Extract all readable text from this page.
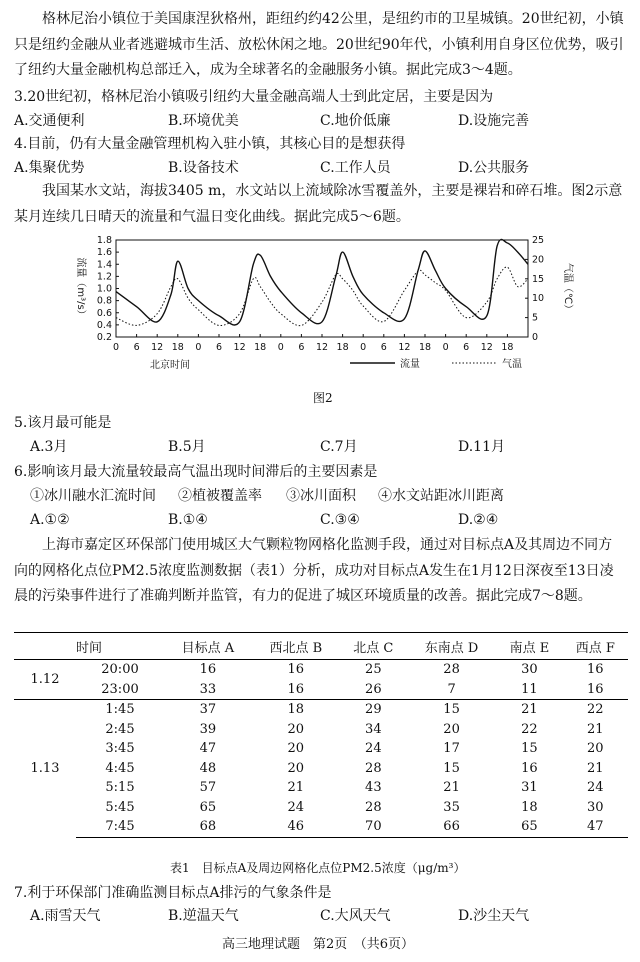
格林尼治小镇位于美国康涅狄格州，距纽约约42公里，是纽约市的卫星城镇。20世纪初，小镇只是纽约金融从业者逃避城市生活、放松休闲之地。20世纪90年代，小镇利用自身区位优势，吸引了纽约大量金融机构总部迁入，成为全球著名的金融服务小镇。据此完成3～4题。
3.20世纪初，格林尼治小镇吸引纽约大量金融高端人士到此定居，主要是因为
A.交通便利	B.环境优美	C.地价低廉	D.设施完善
4.目前，仍有大量金融管理机构入驻小镇，其核心目的是想获得
A.集聚优势	B.设备技术	C.工作人员	D.公共服务
我国某水文站，海拔3405 m，水文站以上流域除冰雪覆盖外，主要是裸岩和碎石堆。图2示意某月连续几日晴天的流量和气温日变化曲线。据此完成5～6题。
0.2
0.4
0.6
0.8
1.0
1.2
1.4
1.6
1.8
0
5
10
15
20
25
0 6 12 18 0 6 12 18 0 6 12 18 0 6 12 18 0 6 12 18
流量（m³/s）	气温（℃）
北京时间	流量	气温
图2
5.该月最可能是
A.3月	B.5月	C.7月	D.11月
6.影响该月最大流量较最高气温出现时间滞后的主要因素是
①冰川融水汇流时间 ②植被覆盖率 ③冰川面积 ④水文站距冰川距离
A.①②	B.①④	C.③④	D.②④
上海市嘉定区环保部门使用城区大气颗粒物网格化监测手段，通过对目标点A及其周边不同方向的网格化点位PM2.5浓度监测数据（表1）分析，成功对目标点A发生在1月12日深夜至13日凌晨的污染事件进行了准确判断并监管，有力的促进了城区环境质量的改善。据此完成7～8题。
时间		目标点 A	西北点 B	北点 C	东南点 D	南点 E	西点 F
1.12	20:00	16	16	25	28	30	16
	23:00	33	16	26	7	11	16
1.13	1:45	37	18	29	15	21	22
	2:45	39	20	34	20	22	21
	3:45	47	20	24	17	15	20
	4:45	48	20	28	15	16	21
	5:15	57	21	43	21	31	24
	5:45	65	24	28	35	18	30
	7:45	68	46	70	66	65	47
表1　目标点A及周边网格化点位PM2.5浓度（μg/m³）
7.利于环保部门准确监测目标点A排污的气象条件是
A.雨雪天气	B.逆温天气	C.大风天气	D.沙尘天气
高三地理试题　第2页　（共6页）
